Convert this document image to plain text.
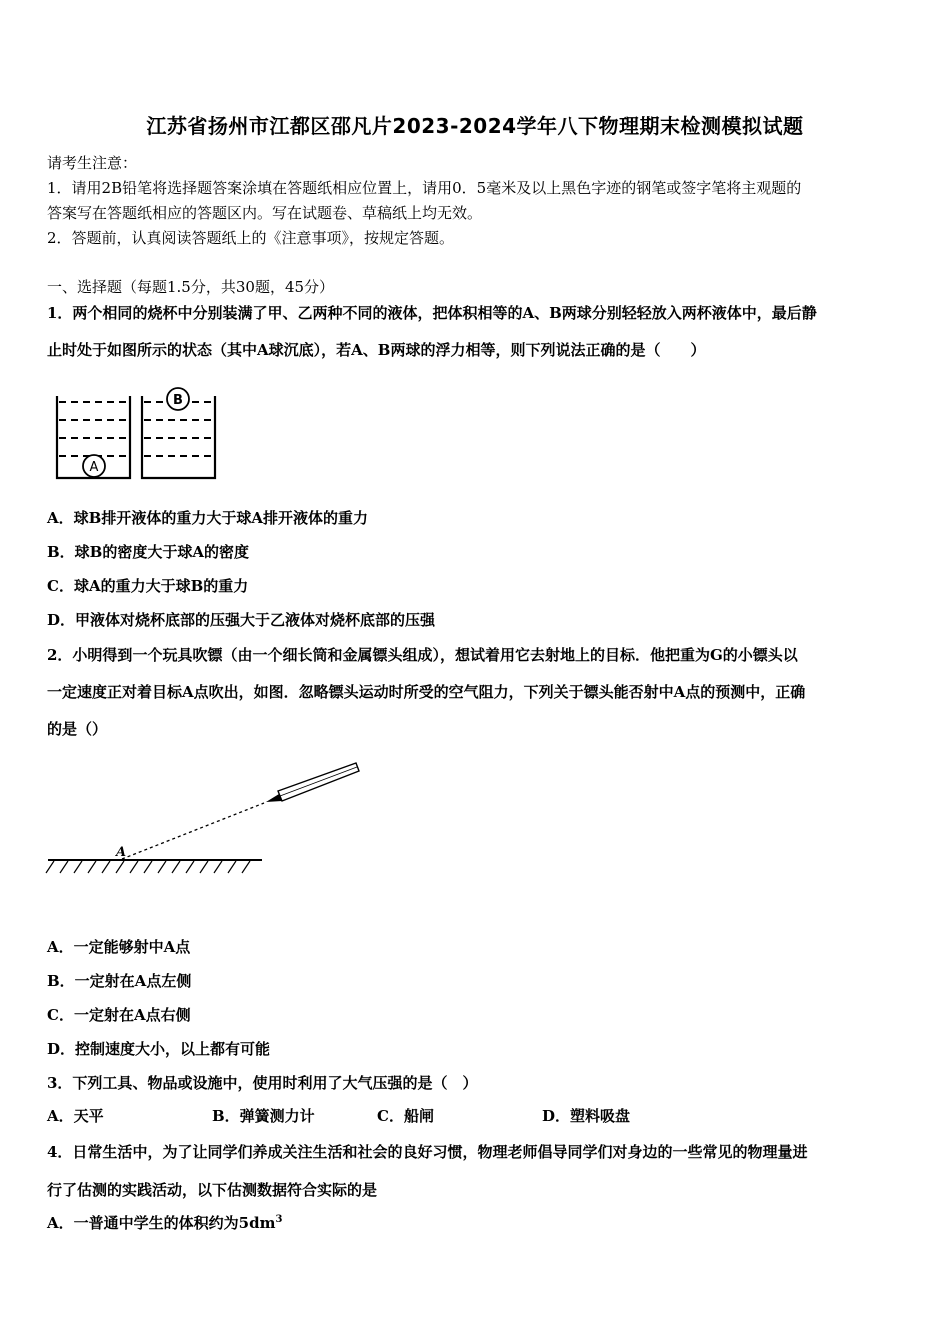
江苏省扬州市江都区邵凡片2023-2024学年八下物理期末检测模拟试题
请考生注意：
1．请用2B铅笔将选择题答案涂填在答题纸相应位置上，请用0．5毫米及以上黑色字迹的钢笔或签字笔将主观题的
答案写在答题纸相应的答题区内。写在试题卷、草稿纸上均无效。
2．答题前，认真阅读答题纸上的《注意事项》，按规定答题。
一、选择题（每题1.5分，共30题，45分）
1．两个相同的烧杯中分别装满了甲、乙两种不同的液体，把体积相等的A、B两球分别轻轻放入两杯液体中，最后静
止时处于如图所示的状态（其中A球沉底），若A、B两球的浮力相等，则下列说法正确的是（　　）
A
B
A．球B排开液体的重力大于球A排开液体的重力
B．球B的密度大于球A的密度
C．球A的重力大于球B的重力
D．甲液体对烧杯底部的压强大于乙液体对烧杯底部的压强
2．小明得到一个玩具吹镖（由一个细长筒和金属镖头组成），想试着用它去射地上的目标．他把重为G的小镖头以
一定速度正对着目标A点吹出，如图．忽略镖头运动时所受的空气阻力，下列关于镖头能否射中A点的预测中，正确
的是（）
A
A．一定能够射中A点
B．一定射在A点左侧
C．一定射在A点右侧
D．控制速度大小，以上都有可能
3．下列工具、物品或设施中，使用时利用了大气压强的是（　）
A．天平	B．弹簧测力计	C．船闸	D．塑料吸盘
4．日常生活中，为了让同学们养成关注生活和社会的良好习惯，物理老师倡导同学们对身边的一些常见的物理量进
行了估测的实践活动，以下估测数据符合实际的是
A．一普通中学生的体积约为$5dm^3$
